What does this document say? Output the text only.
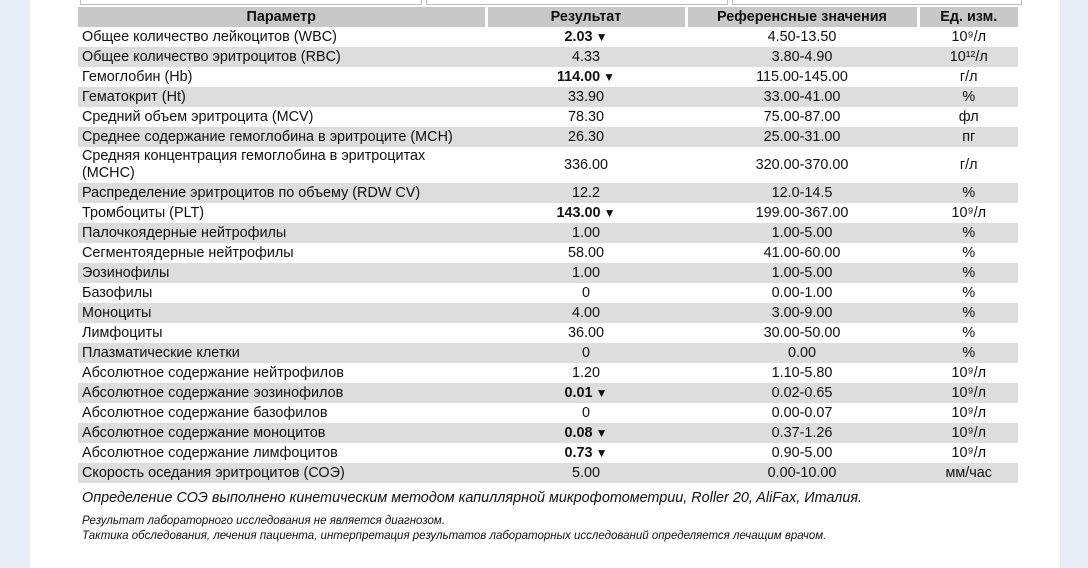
Параметр	Результат	Референсные значения	Ед. изм.
Общее количество лейкоцитов (WBC)	2.03 ▼	4.50-13.50	10⁹/л
Общее количество эритроцитов (RBC)	4.33	3.80-4.90	10¹²/л
Гемоглобин (Hb)	114.00 ▼	115.00-145.00	г/л
Гематокрит (Ht)	33.90	33.00-41.00	%
Средний объем эритроцита (MCV)	78.30	75.00-87.00	фл
Среднее содержание гемоглобина в эритроците (MCH)	26.30	25.00-31.00	пг
Средняя концентрация гемоглобина в эритроцитах (MCHC)	336.00	320.00-370.00	г/л
Распределение эритроцитов по объему (RDW CV)	12.2	12.0-14.5	%
Тромбоциты (PLT)	143.00 ▼	199.00-367.00	10⁹/л
Палочкоядерные нейтрофилы	1.00	1.00-5.00	%
Сегментоядерные нейтрофилы	58.00	41.00-60.00	%
Эозинофилы	1.00	1.00-5.00	%
Базофилы	0	0.00-1.00	%
Моноциты	4.00	3.00-9.00	%
Лимфоциты	36.00	30.00-50.00	%
Плазматические клетки	0	0.00	%
Абсолютное содержание нейтрофилов	1.20	1.10-5.80	10⁹/л
Абсолютное содержание эозинофилов	0.01 ▼	0.02-0.65	10⁹/л
Абсолютное содержание базофилов	0	0.00-0.07	10⁹/л
Абсолютное содержание моноцитов	0.08 ▼	0.37-1.26	10⁹/л
Абсолютное содержание лимфоцитов	0.73 ▼	0.90-5.00	10⁹/л
Скорость оседания эритроцитов (СОЭ)	5.00	0.00-10.00	мм/час
Определение СОЭ выполнено кинетическим методом капиллярной микрофотометрии, Roller 20, AliFax, Италия.
Результат лабораторного исследования не является диагнозом.
Тактика обследования, лечения пациента, интерпретация результатов лабораторных исследований определяется лечащим врачом.
